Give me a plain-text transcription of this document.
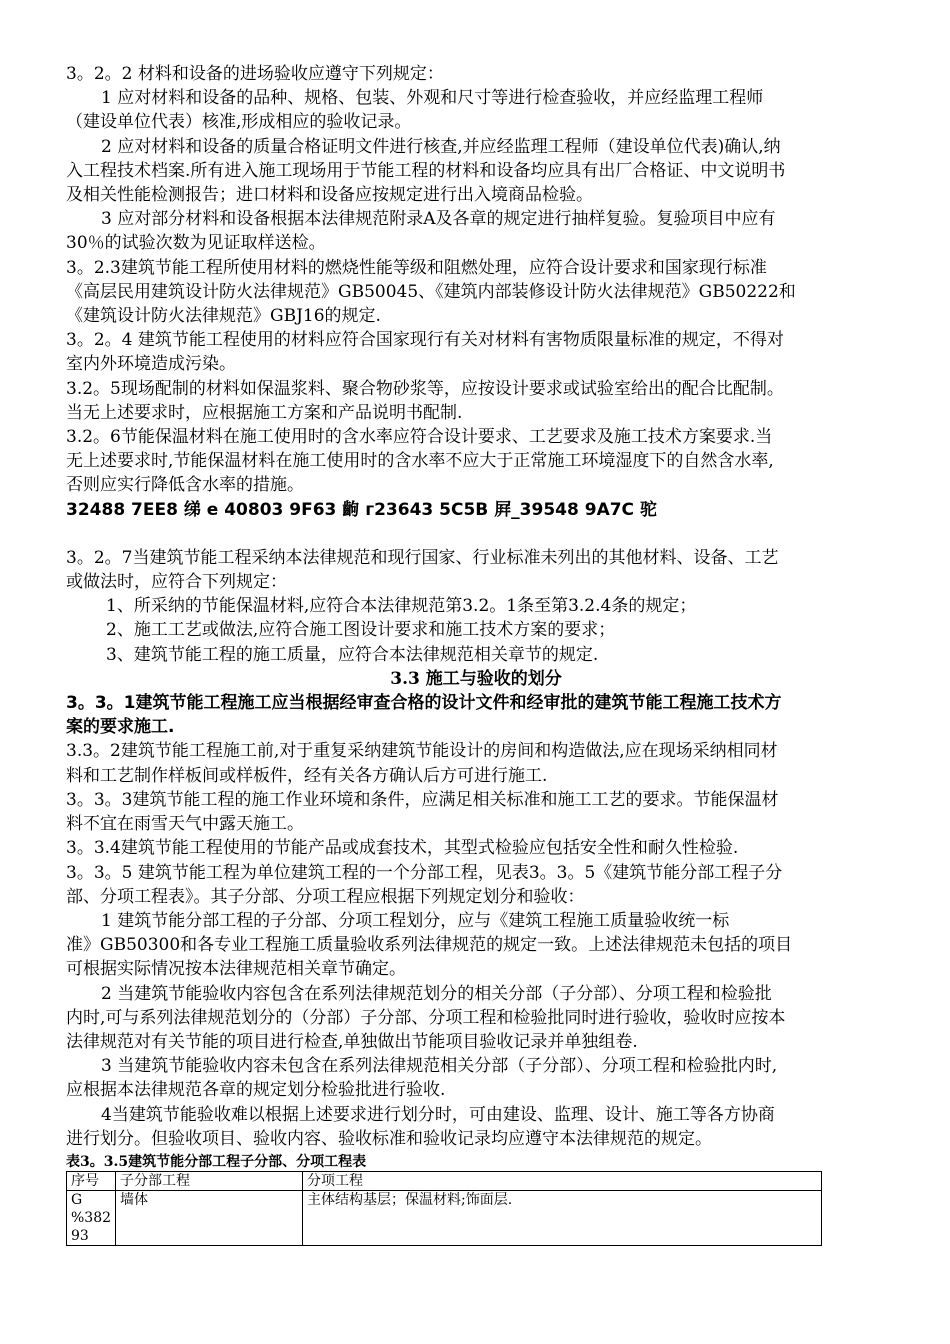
3。2。2 材料和设备的进场验收应遵守下列规定：
1 应对材料和设备的品种、规格、包装、外观和尺寸等进行检查验收，并应经监理工程师
（建设单位代表）核准,形成相应的验收记录。
2 应对材料和设备的质量合格证明文件进行核查,并应经监理工程师（建设单位代表)确认,纳
入工程技术档案.所有进入施工现场用于节能工程的材料和设备均应具有出厂合格证、中文说明书
及相关性能检测报告；进口材料和设备应按规定进行出入境商品检验。
3 应对部分材料和设备根据本法律规范附录A及各章的规定进行抽样复验。复验项目中应有
30％的试验次数为见证取样送检。
3。2.3建筑节能工程所使用材料的燃烧性能等级和阻燃处理，应符合设计要求和国家现行标准
《高层民用建筑设计防火法律规范》GB50045、《建筑内部装修设计防火法律规范》GB50222和
《建筑设计防火法律规范》GBJ16的规定.
3。2。4 建筑节能工程使用的材料应符合国家现行有关对材料有害物质限量标准的规定，不得对
室内外环境造成污染。
3.2。5现场配制的材料如保温浆料、聚合物砂浆等，应按设计要求或试验室给出的配合比配制。
当无上述要求时，应根据施工方案和产品说明书配制.
3.2。6节能保温材料在施工使用时的含水率应符合设计要求、工艺要求及施工技术方案要求.当
无上述要求时,节能保温材料在施工使用时的含水率不应大于正常施工环境湿度下的自然含水率,
否则应实行降低含水率的措施。
32488 7EE8 绨 e 40803 9F63 齣 г23643 5C5B 屛_39548 9A7C 驼
3。2。7当建筑节能工程采纳本法律规范和现行国家、行业标准未列出的其他材料、设备、工艺
或做法时，应符合下列规定：
1、所采纳的节能保温材料,应符合本法律规范第3.2。1条至第3.2.4条的规定；
2、施工工艺或做法,应符合施工图设计要求和施工技术方案的要求；
3、建筑节能工程的施工质量，应符合本法律规范相关章节的规定.
3.3 施工与验收的划分
3。3。1建筑节能工程施工应当根据经审查合格的设计文件和经审批的建筑节能工程施工技术方
案的要求施工.
3.3。2建筑节能工程施工前,对于重复采纳建筑节能设计的房间和构造做法,应在现场采纳相同材
料和工艺制作样板间或样板件，经有关各方确认后方可进行施工.
3。3。3建筑节能工程的施工作业环境和条件，应满足相关标准和施工工艺的要求。节能保温材
料不宜在雨雪天气中露天施工。
3。3.4建筑节能工程使用的节能产品或成套技术，其型式检验应包括安全性和耐久性检验.
3。3。5 建筑节能工程为单位建筑工程的一个分部工程，见表3。3。5《建筑节能分部工程子分
部、分项工程表》。其子分部、分项工程应根据下列规定划分和验收：
1 建筑节能分部工程的子分部、分项工程划分，应与《建筑工程施工质量验收统一标
准》GB50300和各专业工程施工质量验收系列法律规范的规定一致。上述法律规范未包括的项目
可根据实际情况按本法律规范相关章节确定。
2 当建筑节能验收内容包含在系列法律规范划分的相关分部（子分部）、分项工程和检验批
内时,可与系列法律规范划分的（分部）子分部、分项工程和检验批同时进行验收，验收时应按本
法律规范对有关节能的项目进行检查,单独做出节能项目验收记录并单独组卷.
3 当建筑节能验收内容未包含在系列法律规范相关分部（子分部）、分项工程和检验批内时,
应根据本法律规范各章的规定划分检验批进行验收.
4当建筑节能验收难以根据上述要求进行划分时，可由建设、监理、设计、施工等各方协商
进行划分。但验收项目、验收内容、验收标准和验收记录均应遵守本法律规范的规定。
表3。3.5建筑节能分部工程子分部、分项工程表
序号	子分部工程	分项工程

G
%382
93	墙体	主体结构基层；保温材料;饰面层.
